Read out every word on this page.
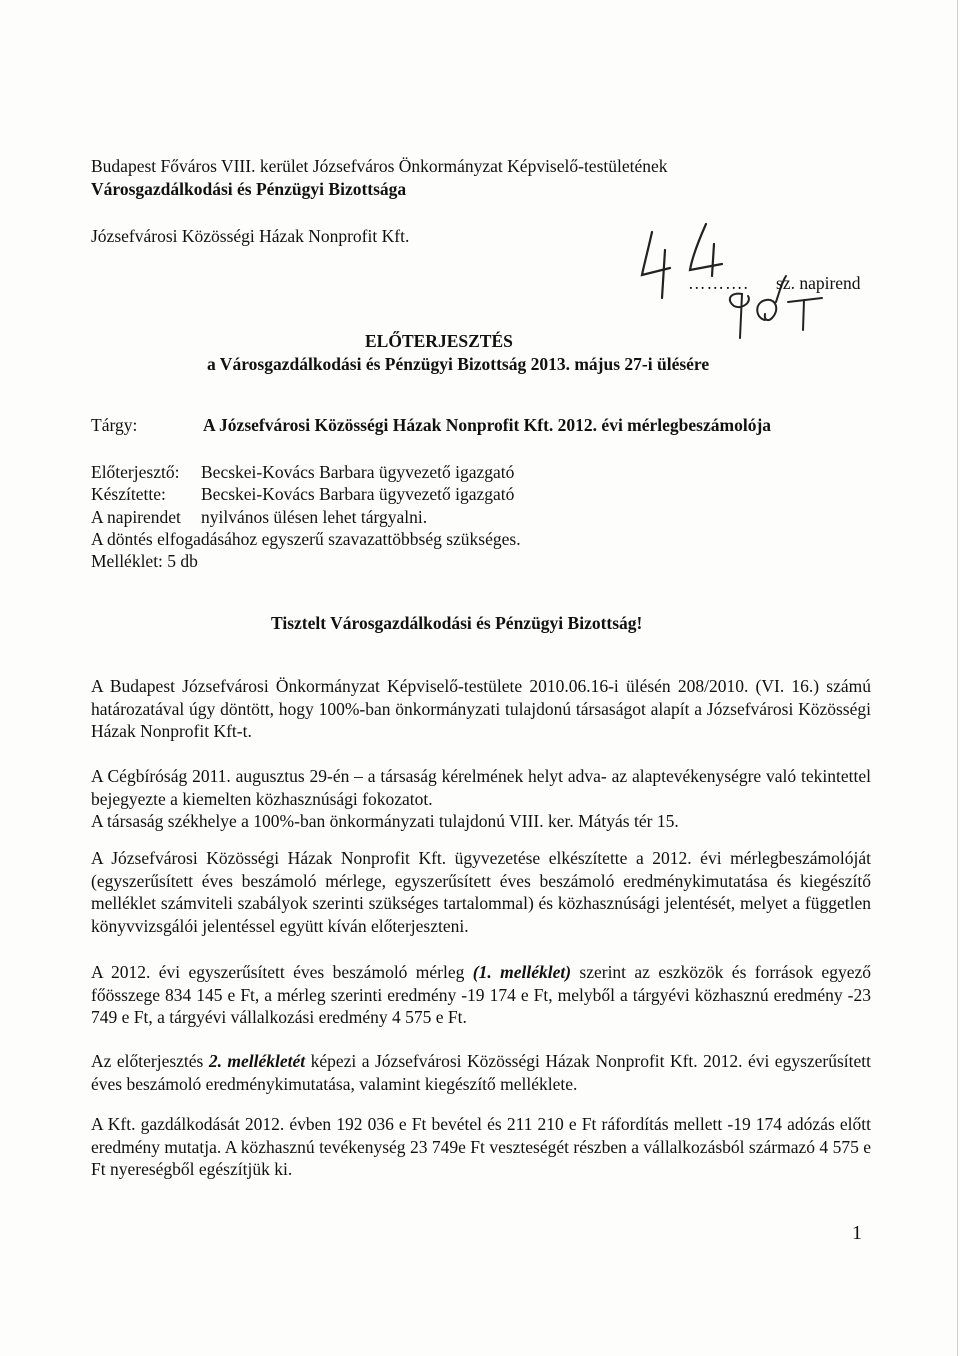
Budapest Főváros VIII. kerület Józsefváros Önkormányzat Képviselő-testületének
Városgazdálkodási és Pénzügyi Bizottsága
Józsefvárosi Közösségi Házak Nonprofit Kft.
………. sz. napirend
ELŐTERJESZTÉS
a Városgazdálkodási és Pénzügyi Bizottság 2013. május 27-i ülésére
Tárgy:	A Józsefvárosi Közösségi Házak Nonprofit Kft. 2012. évi mérlegbeszámolója
Előterjesztő: Becskei-Kovács Barbara ügyvezető igazgató
Készítette: Becskei-Kovács Barbara ügyvezető igazgató
A napirendet nyilvános ülésen lehet tárgyalni.
A döntés elfogadásához egyszerű szavazattöbbség szükséges.
Melléklet: 5 db
Tisztelt Városgazdálkodási és Pénzügyi Bizottság!
A Budapest Józsefvárosi Önkormányzat Képviselő-testülete 2010.06.16-i ülésén 208/2010. (VI. 16.) számú határozatával úgy döntött, hogy 100%-ban önkormányzati tulajdonú társaságot alapít a Józsefvárosi Közösségi Házak Nonprofit Kft-t.
A Cégbíróság 2011. augusztus 29-én – a társaság kérelmének helyt adva- az alaptevékenységre való tekintettel bejegyezte a kiemelten közhasznúsági fokozatot.
A társaság székhelye a 100%-ban önkormányzati tulajdonú VIII. ker. Mátyás tér 15.
A Józsefvárosi Közösségi Házak Nonprofit Kft. ügyvezetése elkészítette a 2012. évi mérlegbeszámolóját (egyszerűsített éves beszámoló mérlege, egyszerűsített éves beszámoló eredménykimutatása és kiegészítő melléklet számviteli szabályok szerinti szükséges tartalommal) és közhasznúsági jelentését, melyet a független könyvvizsgálói jelentéssel együtt kíván előterjeszteni.
A 2012. évi egyszerűsített éves beszámoló mérleg (1. melléklet) szerint az eszközök és források egyező főösszege 834 145 e Ft, a mérleg szerinti eredmény -19 174 e Ft, melyből a tárgyévi közhasznú eredmény -23 749 e Ft, a tárgyévi vállalkozási eredmény 4 575 e Ft.
Az előterjesztés 2. mellékletét képezi a Józsefvárosi Közösségi Házak Nonprofit Kft. 2012. évi egyszerűsített éves beszámoló eredménykimutatása, valamint kiegészítő melléklete.
A Kft. gazdálkodását 2012. évben 192 036 e Ft bevétel és 211 210 e Ft ráfordítás mellett -19 174 adózás előtt eredmény mutatja. A közhasznú tevékenység 23 749e Ft veszteségét részben a vállalkozásból származó 4 575 e Ft nyereségből egészítjük ki.
1
